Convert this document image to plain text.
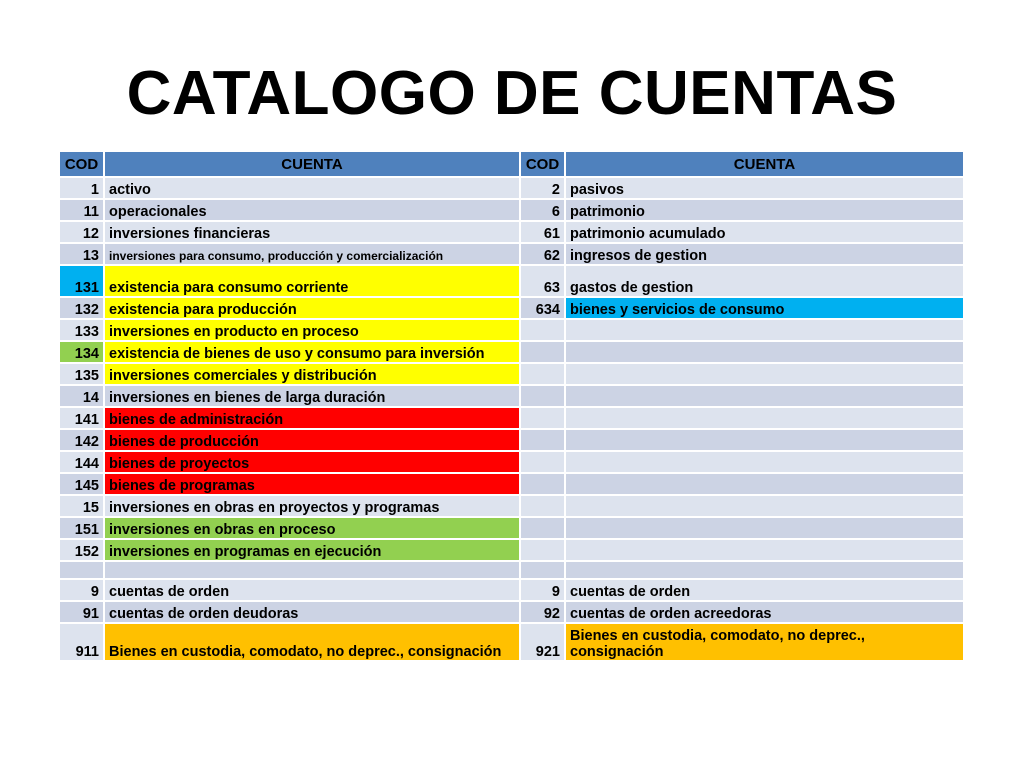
CATALOGO DE CUENTAS
COD	CUENTA	COD	CUENTA
1	activo	2	pasivos
11	operacionales	6	patrimonio
12	inversiones financieras	61	patrimonio acumulado
13	inversiones para consumo, producción y comercialización	62	ingresos de gestion
131	existencia para consumo corriente	63	gastos de gestion
132	existencia para producción	634	bienes y servicios de consumo
133	inversiones en producto en proceso		
134	existencia de bienes de uso y consumo para inversión		
135	inversiones comerciales y distribución		
14	inversiones en bienes de larga duración		
141	bienes de administración		
142	bienes de producción		
144	bienes de proyectos		
145	bienes de programas		
15	inversiones en obras en proyectos y programas		
151	inversiones en obras en proceso		
152	inversiones en programas en ejecución		

9	cuentas de orden	9	cuentas de orden
91	cuentas de orden deudoras	92	cuentas de orden acreedoras
911	Bienes en custodia, comodato, no deprec., consignación	921	Bienes en custodia, comodato, no deprec., consignación
